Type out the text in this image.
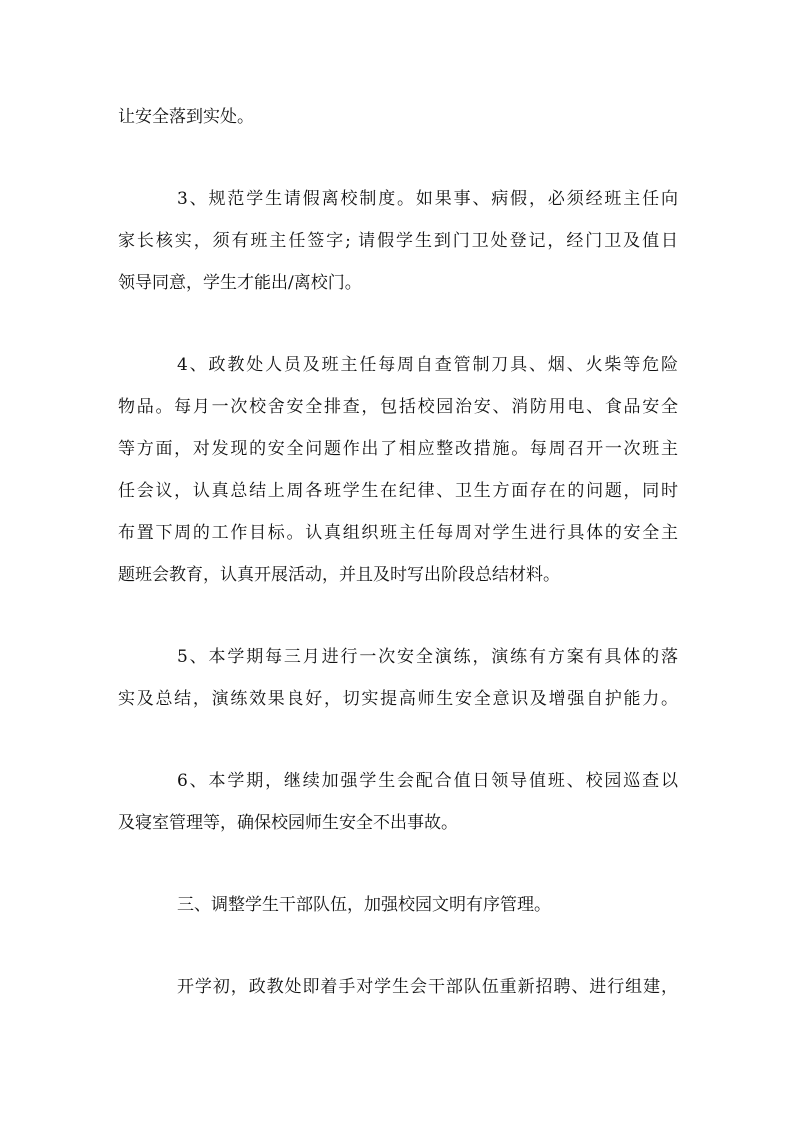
让安全落到实处。
3、规范学生请假离校制度。如果事、病假，必须经班主任向
家长核实，须有班主任签字; 请假学生到门卫处登记，经门卫及值日
领导同意，学生才能出/离校门。
4、政教处人员及班主任每周自查管制刀具、烟、火柴等危险
物品。每月一次校舍安全排查，包括校园治安、消防用电、食品安全
等方面，对发现的安全问题作出了相应整改措施。每周召开一次班主
任会议，认真总结上周各班学生在纪律、卫生方面存在的问题，同时
布置下周的工作目标。认真组织班主任每周对学生进行具体的安全主
题班会教育，认真开展活动，并且及时写出阶段总结材料。
5、本学期每三月进行一次安全演练，演练有方案有具体的落
实及总结，演练效果良好，切实提高师生安全意识及增强自护能力。
6、本学期，继续加强学生会配合值日领导值班、校园巡查以
及寝室管理等，确保校园师生安全不出事故。
三、调整学生干部队伍，加强校园文明有序管理。
开学初，政教处即着手对学生会干部队伍重新招聘、进行组建，
